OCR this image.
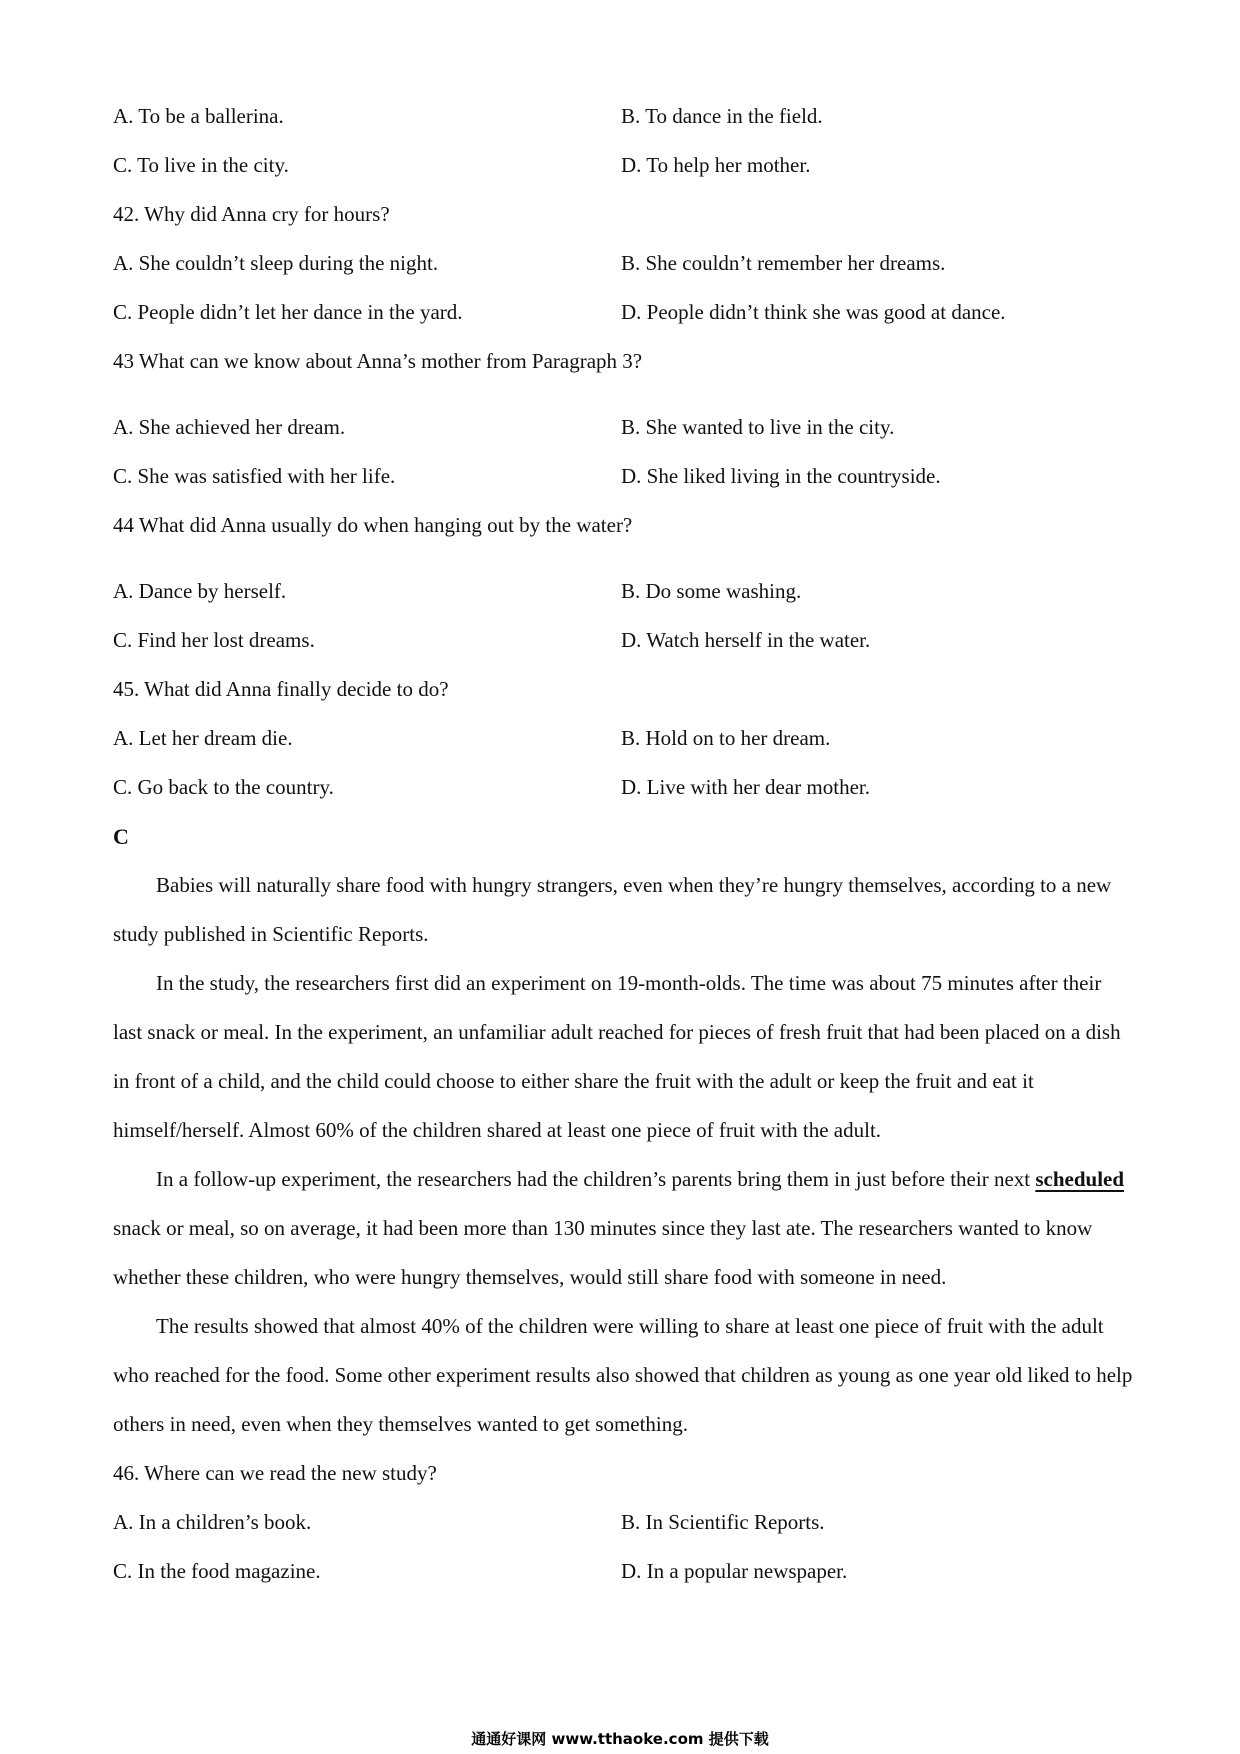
A. To be a ballerina.	B. To dance in the field.
C. To live in the city.	D. To help her mother.
42. Why did Anna cry for hours?
A. She couldn’t sleep during the night.	B. She couldn’t remember her dreams.
C. People didn’t let her dance in the yard.	D. People didn’t think she was good at dance.
43 What can we know about Anna’s mother from Paragraph 3?
A. She achieved her dream.	B. She wanted to live in the city.
C. She was satisfied with her life.	D. She liked living in the countryside.
44 What did Anna usually do when hanging out by the water?
A. Dance by herself.	B. Do some washing.
C. Find her lost dreams.	D. Watch herself in the water.
45. What did Anna finally decide to do?
A. Let her dream die.	B. Hold on to her dream.
C. Go back to the country.	D. Live with her dear mother.
C

Babies will naturally share food with hungry strangers, even when they’re hungry themselves, according to a new study published in Scientific Reports.

In the study, the researchers first did an experiment on 19-month-olds. The time was about 75 minutes after their last snack or meal. In the experiment, an unfamiliar adult reached for pieces of fresh fruit that had been placed on a dish in front of a child, and the child could choose to either share the fruit with the adult or keep the fruit and eat it himself/herself. Almost 60% of the children shared at least one piece of fruit with the adult.

In a follow-up experiment, the researchers had the children’s parents bring them in just before their next scheduled snack or meal, so on average, it had been more than 130 minutes since they last ate. The researchers wanted to know whether these children, who were hungry themselves, would still share food with someone in need.

The results showed that almost 40% of the children were willing to share at least one piece of fruit with the adult who reached for the food. Some other experiment results also showed that children as young as one year old liked to help others in need, even when they themselves wanted to get something.

46. Where can we read the new study?
A. In a children’s book.	B. In Scientific Reports.
C. In the food magazine.	D. In a popular newspaper.
通通好课网 www.tthaoke.com 提供下载
